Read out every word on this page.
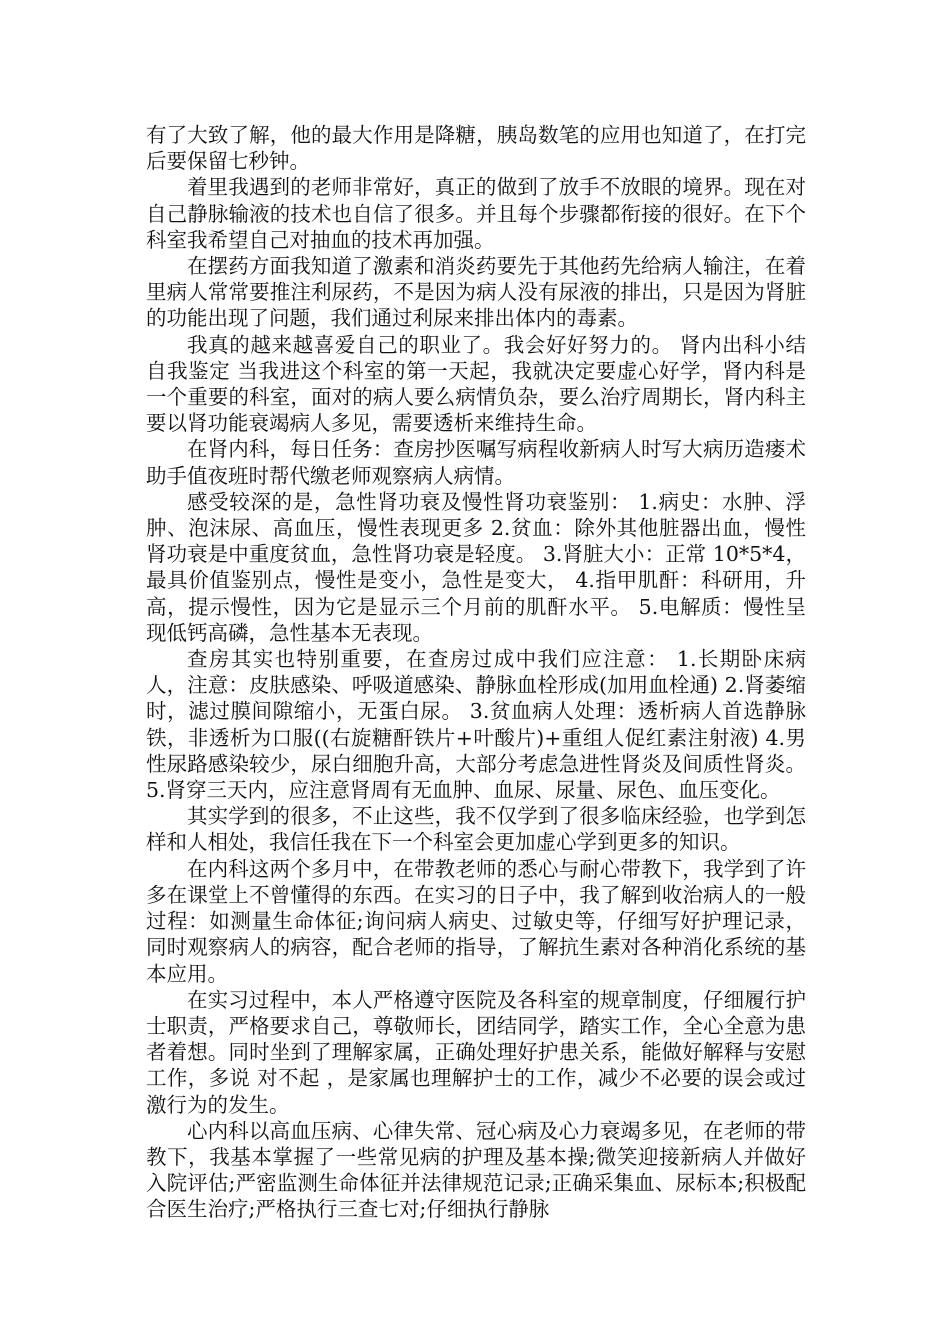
有了大致了解，他的最大作用是降糖，胰岛数笔的应用也知道了，在打完后要保留七秒钟。

着里我遇到的老师非常好，真正的做到了放手不放眼的境界。现在对自己静脉输液的技术也自信了很多。并且每个步骤都衔接的很好。在下个科室我希望自己对抽血的技术再加强。

在摆药方面我知道了激素和消炎药要先于其他药先给病人输注，在着里病人常常要推注利尿药，不是因为病人没有尿液的排出，只是因为肾脏的功能出现了问题，我们通过利尿来排出体内的毒素。

我真的越来越喜爱自己的职业了。我会好好努力的。 肾内出科小结自我鉴定 当我进这个科室的第一天起，我就决定要虚心好学，肾内科是一个重要的科室，面对的病人要么病情负杂，要么治疗周期长，肾内科主要以肾功能衰竭病人多见，需要透析来维持生命。

在肾内科，每日任务：查房抄医嘱写病程收新病人时写大病历造瘘术助手值夜班时帮代缴老师观察病人病情。

感受较深的是，急性肾功衰及慢性肾功衰鉴别： 1.病史：水肿、浮肿、泡沫尿、高血压，慢性表现更多 2.贫血：除外其他脏器出血，慢性肾功衰是中重度贫血，急性肾功衰是轻度。 3.肾脏大小：正常 10*5*4，最具价值鉴别点，慢性是变小，急性是变大， 4.指甲肌酐：科研用，升高，提示慢性，因为它是显示三个月前的肌酐水平。 5.电解质：慢性呈现低钙高磷，急性基本无表现。

查房其实也特别重要，在查房过成中我们应注意： 1.长期卧床病人，注意：皮肤感染、呼吸道感染、静脉血栓形成(加用血栓通) 2.肾萎缩时，滤过膜间隙缩小，无蛋白尿。 3.贫血病人处理：透析病人首选静脉铁，非透析为口服((右旋糖酐铁片+叶酸片)+重组人促红素注射液) 4.男性尿路感染较少，尿白细胞升高，大部分考虑急进性肾炎及间质性肾炎。 5.肾穿三天内，应注意肾周有无血肿、血尿、尿量、尿色、血压变化。

其实学到的很多，不止这些，我不仅学到了很多临床经验，也学到怎样和人相处，我信任我在下一个科室会更加虚心学到更多的知识。

在内科这两个多月中，在带教老师的悉心与耐心带教下，我学到了许多在课堂上不曾懂得的东西。在实习的日子中，我了解到收治病人的一般过程：如测量生命体征;询问病人病史、过敏史等，仔细写好护理记录，同时观察病人的病容，配合老师的指导，了解抗生素对各种消化系统的基本应用。

在实习过程中，本人严格遵守医院及各科室的规章制度，仔细履行护士职责，严格要求自己，尊敬师长，团结同学，踏实工作，全心全意为患者着想。同时坐到了理解家属，正确处理好护患关系，能做好解释与安慰工作，多说 对不起 ，是家属也理解护士的工作，减少不必要的误会或过激行为的发生。

心内科以高血压病、心律失常、冠心病及心力衰竭多见，在老师的带教下，我基本掌握了一些常见病的护理及基本操;微笑迎接新病人并做好入院评估;严密监测生命体征并法律规范记录;正确采集血、尿标本;积极配合医生治疗;严格执行三查七对;仔细执行静脉
